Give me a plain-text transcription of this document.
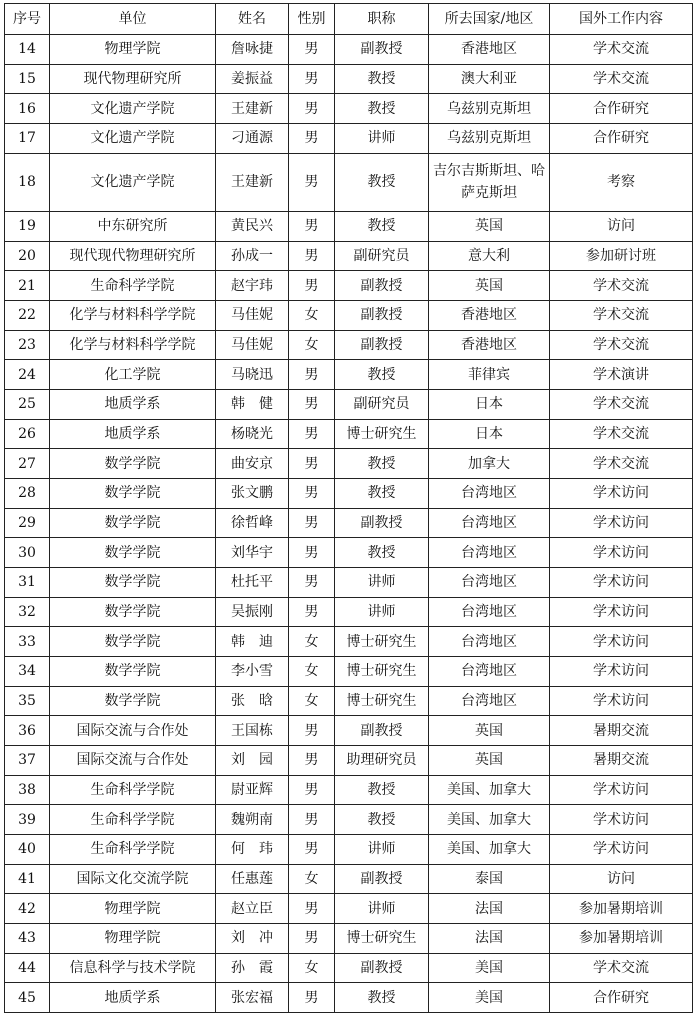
序号	单位	姓名	性别	职称	所去国家/地区	国外工作内容
14	物理学院	詹咏捷	男	副教授	香港地区	学术交流
15	现代物理研究所	姜振益	男	教授	澳大利亚	学术交流
16	文化遗产学院	王建新	男	教授	乌兹别克斯坦	合作研究
17	文化遗产学院	刁通源	男	讲师	乌兹别克斯坦	合作研究
18	文化遗产学院	王建新	男	教授	吉尔吉斯斯坦、哈萨克斯坦	考察
19	中东研究所	黄民兴	男	教授	英国	访问
20	现代现代物理研究所	孙成一	男	副研究员	意大利	参加研讨班
21	生命科学学院	赵宇玮	男	副教授	英国	学术交流
22	化学与材料科学学院	马佳妮	女	副教授	香港地区	学术交流
23	化学与材料科学学院	马佳妮	女	副教授	香港地区	学术交流
24	化工学院	马晓迅	男	教授	菲律宾	学术演讲
25	地质学系	韩　健	男	副研究员	日本	学术交流
26	地质学系	杨晓光	男	博士研究生	日本	学术交流
27	数学学院	曲安京	男	教授	加拿大	学术交流
28	数学学院	张文鹏	男	教授	台湾地区	学术访问
29	数学学院	徐哲峰	男	副教授	台湾地区	学术访问
30	数学学院	刘华宇	男	教授	台湾地区	学术访问
31	数学学院	杜托平	男	讲师	台湾地区	学术访问
32	数学学院	吴振刚	男	讲师	台湾地区	学术访问
33	数学学院	韩　迪	女	博士研究生	台湾地区	学术访问
34	数学学院	李小雪	女	博士研究生	台湾地区	学术访问
35	数学学院	张　晗	女	博士研究生	台湾地区	学术访问
36	国际交流与合作处	王国栋	男	副教授	英国	暑期交流
37	国际交流与合作处	刘　园	男	助理研究员	英国	暑期交流
38	生命科学学院	尉亚辉	男	教授	美国、加拿大	学术访问
39	生命科学学院	魏朔南	男	教授	美国、加拿大	学术访问
40	生命科学学院	何　玮	男	讲师	美国、加拿大	学术访问
41	国际文化交流学院	任惠莲	女	副教授	泰国	访问
42	物理学院	赵立臣	男	讲师	法国	参加暑期培训
43	物理学院	刘　冲	男	博士研究生	法国	参加暑期培训
44	信息科学与技术学院	孙　霞	女	副教授	美国	学术交流
45	地质学系	张宏福	男	教授	美国	合作研究
